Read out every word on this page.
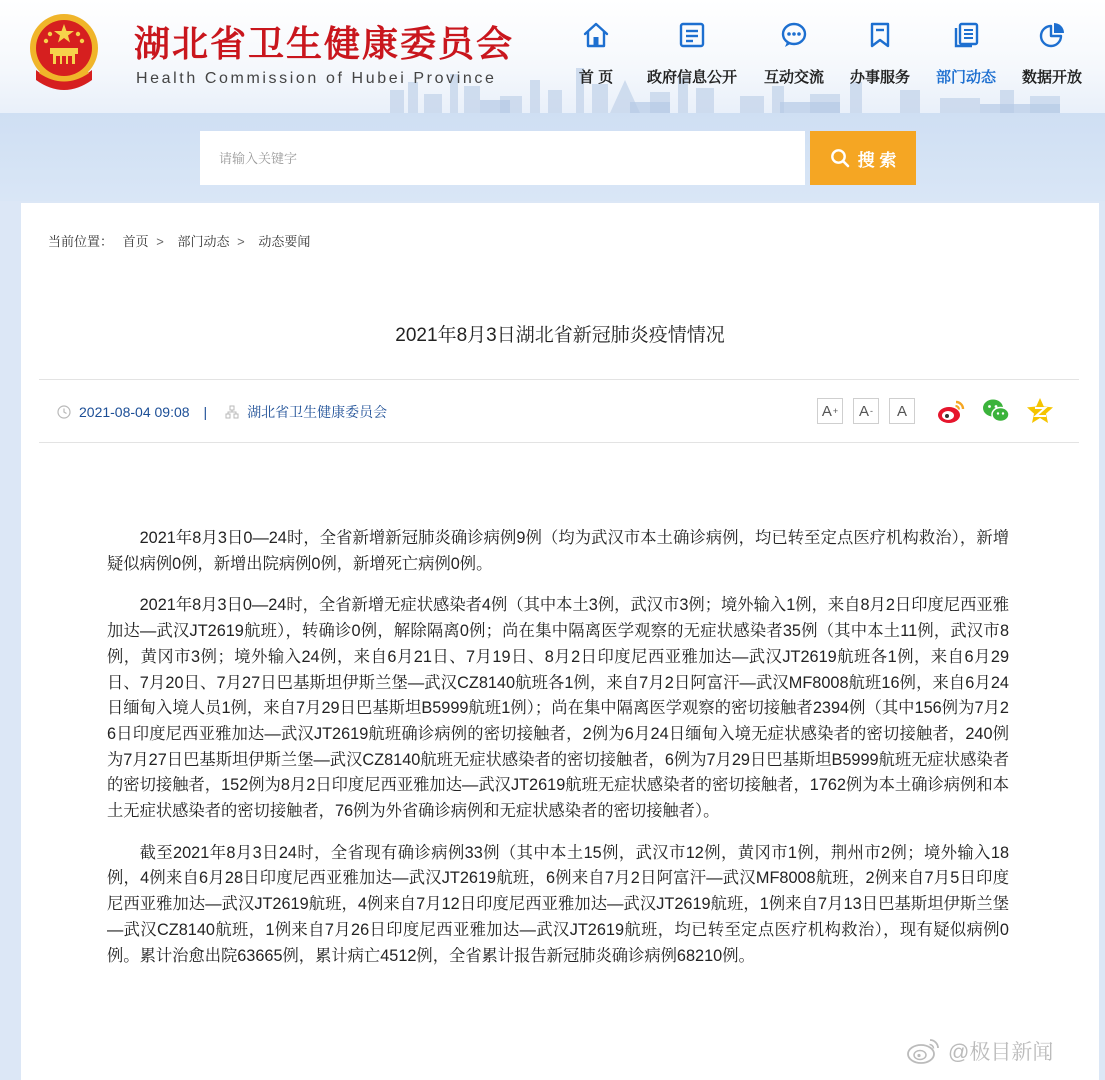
湖北省卫生健康委员会
Health Commission of Hubei Province	首 页	政府信息公开	互动交流	办事服务	部门动态	数据开放
请输入关键字
搜 索
当前位置： 首页 > 部门动态 > 动态要闻
2021年8月3日湖北省新冠肺炎疫情情况
2021-08-04 09:08 |	湖北省卫生健康委员会	A + A - A

2021年8月3日0—24时，全省新增新冠肺炎确诊病例9例（均为武汉市本土确诊病例，均已转至定点医疗机构救治），新增疑似病例0例，新增出院病例0例，新增死亡病例0例。

2021年8月3日0—24时，全省新增无症状感染者4例（其中本土3例，武汉市3例；境外输入1例，来自8月2日印度尼西亚雅加达—武汉JT2619航班），转确诊0例，解除隔离0例；尚在集中隔离医学观察的无症状感染者35例（其中本土11例，武汉市8例，黄冈市3例；境外输入24例，来自6月21日、7月19日、8月2日印度尼西亚雅加达—武汉JT2619航班各1例，来自6月29日、7月20日、7月27日巴基斯坦伊斯兰堡—武汉CZ8140航班各1例，来自7月2日阿富汗—武汉MF8008航班16例，来自6月24日缅甸入境人员1例，来自7月29日巴基斯坦B5999航班1例）；尚在集中隔离医学观察的密切接触者2394例（其中156例为7月26日印度尼西亚雅加达—武汉JT2619航班确诊病例的密切接触者，2例为6月24日缅甸入境无症状感染者的密切接触者，240例为7月27日巴基斯坦伊斯兰堡—武汉CZ8140航班无症状感染者的密切接触者，6例为7月29日巴基斯坦B5999航班无症状感染者的密切接触者，152例为8月2日印度尼西亚雅加达—武汉JT2619航班无症状感染者的密切接触者，1762例为本土确诊病例和本土无症状感染者的密切接触者，76例为外省确诊病例和无症状感染者的密切接触者）。

截至2021年8月3日24时，全省现有确诊病例33例（其中本土15例，武汉市12例，黄冈市1例，荆州市2例；境外输入18例，4例来自6月28日印度尼西亚雅加达—武汉JT2619航班，6例来自7月2日阿富汗—武汉MF8008航班，2例来自7月5日印度尼西亚雅加达—武汉JT2619航班，4例来自7月12日印度尼西亚雅加达—武汉JT2619航班，1例来自7月13日巴基斯坦伊斯兰堡—武汉CZ8140航班，1例来自7月26日印度尼西亚雅加达—武汉JT2619航班，均已转至定点医疗机构救治），现有疑似病例0例。累计治愈出院63665例，累计病亡4512例，全省累计报告新冠肺炎确诊病例68210例。

@极目新闻
